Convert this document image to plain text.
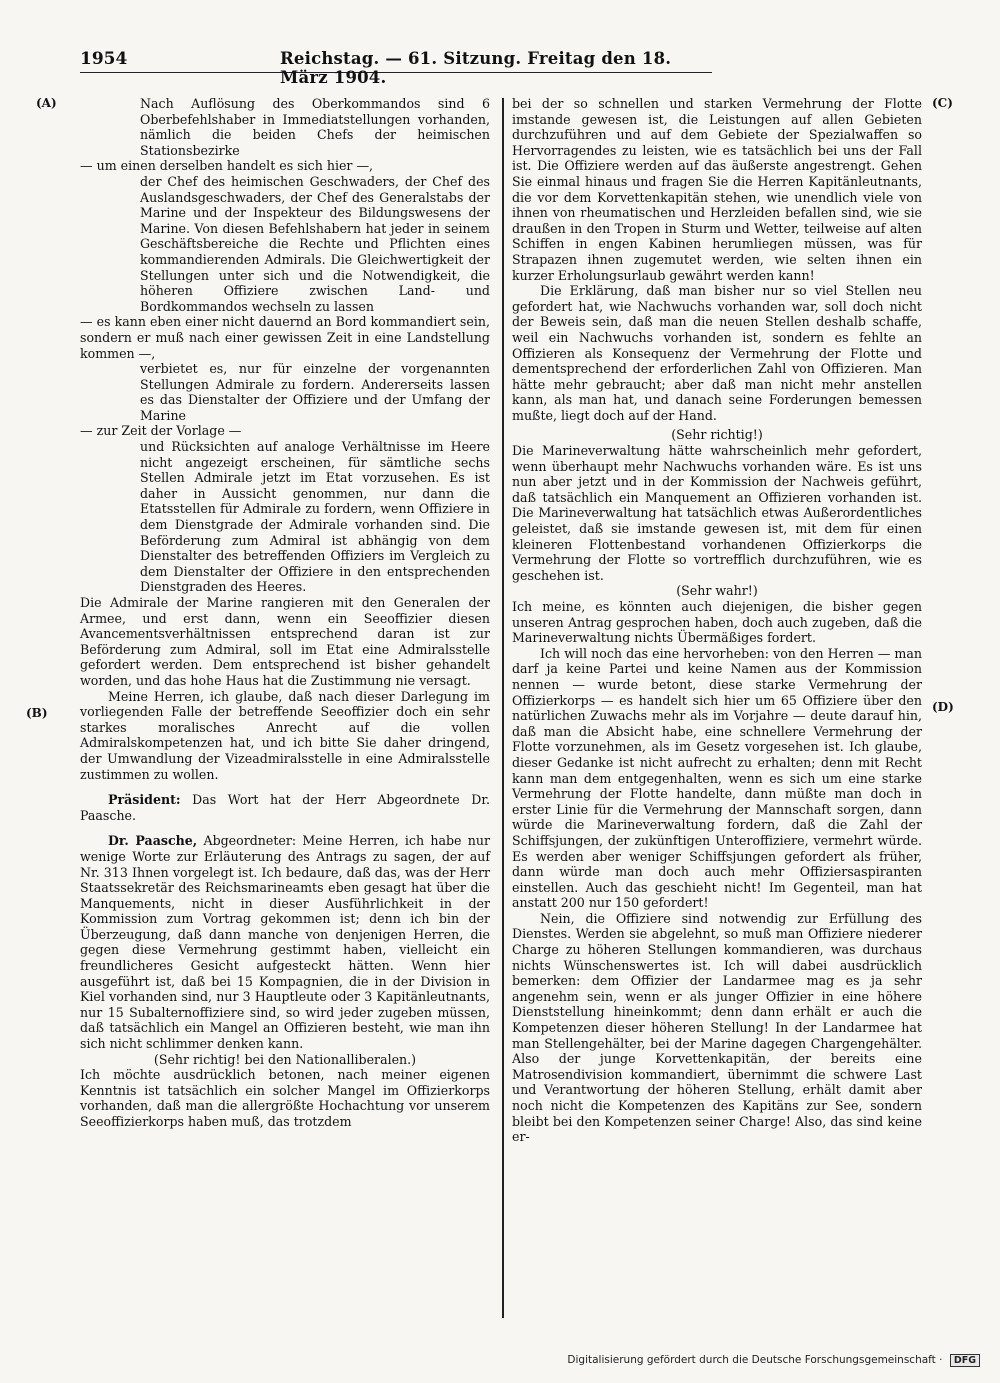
1954	Reichstag. — 61. Sitzung. Freitag den 18. März 1904.
(A)
(B)
(C)
(D)

Nach Auflösung des Oberkommandos sind 6 Oberbefehlshaber in Immediatstellungen vorhanden, nämlich die beiden Chefs der heimischen Stationsbezirke

— um einen derselben handelt es sich hier —,

der Chef des heimischen Geschwaders, der Chef des Auslandsgeschwaders, der Chef des Generalstabs der Marine und der Inspekteur des Bildungswesens der Marine. Von diesen Befehlshabern hat jeder in seinem Geschäftsbereiche die Rechte und Pflichten eines kommandierenden Admirals. Die Gleichwertigkeit der Stellungen unter sich und die Notwendigkeit, die höheren Offiziere zwischen Land- und Bordkommandos wechseln zu lassen

— es kann eben einer nicht dauernd an Bord kommandiert sein, sondern er muß nach einer gewissen Zeit in eine Landstellung kommen —,

verbietet es, nur für einzelne der vorgenannten Stellungen Admirale zu fordern. Andererseits lassen es das Dienstalter der Offiziere und der Umfang der Marine

— zur Zeit der Vorlage —

und Rücksichten auf analoge Verhältnisse im Heere nicht angezeigt erscheinen, für sämtliche sechs Stellen Admirale jetzt im Etat vorzusehen. Es ist daher in Aussicht genommen, nur dann die Etatsstellen für Admirale zu fordern, wenn Offiziere in dem Dienstgrade der Admirale vorhanden sind. Die Beförderung zum Admiral ist abhängig von dem Dienstalter des betreffenden Offiziers im Vergleich zu dem Dienstalter der Offiziere in den entsprechenden Dienstgraden des Heeres.

Die Admirale der Marine rangieren mit den Generalen der Armee, und erst dann, wenn ein Seeoffizier diesen Avancementsverhältnissen entsprechend daran ist zur Beförderung zum Admiral, soll im Etat eine Admiralsstelle gefordert werden. Dem entsprechend ist bisher gehandelt worden, und das hohe Haus hat die Zustimmung nie versagt.

Meine Herren, ich glaube, daß nach dieser Darlegung im vorliegenden Falle der betreffende Seeoffizier doch ein sehr starkes moralisches Anrecht auf die vollen Admiralskompetenzen hat, und ich bitte Sie daher dringend, der Umwandlung der Vizeadmiralsstelle in eine Admiralsstelle zustimmen zu wollen.

Präsident: Das Wort hat der Herr Abgeordnete Dr. Paasche.

Dr. Paasche, Abgeordneter: Meine Herren, ich habe nur wenige Worte zur Erläuterung des Antrags zu sagen, der auf Nr. 313 Ihnen vorgelegt ist. Ich bedaure, daß das, was der Herr Staatssekretär des Reichsmarineamts eben gesagt hat über die Manquements, nicht in dieser Ausführlichkeit in der Kommission zum Vortrag gekommen ist; denn ich bin der Überzeugung, daß dann manche von denjenigen Herren, die gegen diese Vermehrung gestimmt haben, vielleicht ein freundlicheres Gesicht aufgesteckt hätten. Wenn hier ausgeführt ist, daß bei 15 Kompagnien, die in der Division in Kiel vorhanden sind, nur 3 Hauptleute oder 3 Kapitänleutnants, nur 15 Subalternoffiziere sind, so wird jeder zugeben müssen, daß tatsächlich ein Mangel an Offizieren besteht, wie man ihn sich nicht schlimmer denken kann.

(Sehr richtig! bei den Nationalliberalen.)

Ich möchte ausdrücklich betonen, nach meiner eigenen Kenntnis ist tatsächlich ein solcher Mangel im Offizierkorps vorhanden, daß man die allergrößte Hochachtung vor unserem Seeoffizierkorps haben muß, das trotzdem

bei der so schnellen und starken Vermehrung der Flotte imstande gewesen ist, die Leistungen auf allen Gebieten durchzuführen und auf dem Gebiete der Spezialwaffen so Hervorragendes zu leisten, wie es tatsächlich bei uns der Fall ist. Die Offiziere werden auf das äußerste angestrengt. Gehen Sie einmal hinaus und fragen Sie die Herren Kapitänleutnants, die vor dem Korvettenkapitän stehen, wie unendlich viele von ihnen von rheumatischen und Herzleiden befallen sind, wie sie draußen in den Tropen in Sturm und Wetter, teilweise auf alten Schiffen in engen Kabinen herumliegen müssen, was für Strapazen ihnen zugemutet werden, wie selten ihnen ein kurzer Erholungsurlaub gewährt werden kann!

Die Erklärung, daß man bisher nur so viel Stellen neu gefordert hat, wie Nachwuchs vorhanden war, soll doch nicht der Beweis sein, daß man die neuen Stellen deshalb schaffe, weil ein Nachwuchs vorhanden ist, sondern es fehlte an Offizieren als Konsequenz der Vermehrung der Flotte und dementsprechend der erforderlichen Zahl von Offizieren. Man hätte mehr gebraucht; aber daß man nicht mehr anstellen kann, als man hat, und danach seine Forderungen bemessen mußte, liegt doch auf der Hand.

(Sehr richtig!)

Die Marineverwaltung hätte wahrscheinlich mehr gefordert, wenn überhaupt mehr Nachwuchs vorhanden wäre. Es ist uns nun aber jetzt und in der Kommission der Nachweis geführt, daß tatsächlich ein Manquement an Offizieren vorhanden ist. Die Marineverwaltung hat tatsächlich etwas Außerordentliches geleistet, daß sie imstande gewesen ist, mit dem für einen kleineren Flottenbestand vorhandenen Offizierkorps die Vermehrung der Flotte so vortrefflich durchzuführen, wie es geschehen ist.

(Sehr wahr!)

Ich meine, es könnten auch diejenigen, die bisher gegen unseren Antrag gesprochen haben, doch auch zugeben, daß die Marineverwaltung nichts Übermäßiges fordert.

Ich will noch das eine hervorheben: von den Herren — man darf ja keine Partei und keine Namen aus der Kommission nennen — wurde betont, diese starke Vermehrung der Offizierkorps — es handelt sich hier um 65 Offiziere über den natürlichen Zuwachs mehr als im Vorjahre — deute darauf hin, daß man die Absicht habe, eine schnellere Vermehrung der Flotte vorzunehmen, als im Gesetz vorgesehen ist. Ich glaube, dieser Gedanke ist nicht aufrecht zu erhalten; denn mit Recht kann man dem entgegenhalten, wenn es sich um eine starke Vermehrung der Flotte handelte, dann müßte man doch in erster Linie für die Vermehrung der Mannschaft sorgen, dann würde die Marineverwaltung fordern, daß die Zahl der Schiffsjungen, der zukünftigen Unteroffiziere, vermehrt würde. Es werden aber weniger Schiffsjungen gefordert als früher, dann würde man doch auch mehr Offiziersaspiranten einstellen. Auch das geschieht nicht! Im Gegenteil, man hat anstatt 200 nur 150 gefordert!

Nein, die Offiziere sind notwendig zur Erfüllung des Dienstes. Werden sie abgelehnt, so muß man Offiziere niederer Charge zu höheren Stellungen kommandieren, was durchaus nichts Wünschenswertes ist. Ich will dabei ausdrücklich bemerken: dem Offizier der Landarmee mag es ja sehr angenehm sein, wenn er als junger Offizier in eine höhere Dienststellung hineinkommt; denn dann erhält er auch die Kompetenzen dieser höheren Stellung! In der Landarmee hat man Stellengehälter, bei der Marine dagegen Chargengehälter. Also der junge Korvettenkapitän, der bereits eine Matrosendivision kommandiert, übernimmt die schwere Last und Verantwortung der höheren Stellung, erhält damit aber noch nicht die Kompetenzen des Kapitäns zur See, sondern bleibt bei den Kompetenzen seiner Charge! Also, das sind keine er-

Digitalisierung gefördert durch die Deutsche Forschungsgemeinschaft · DFG
